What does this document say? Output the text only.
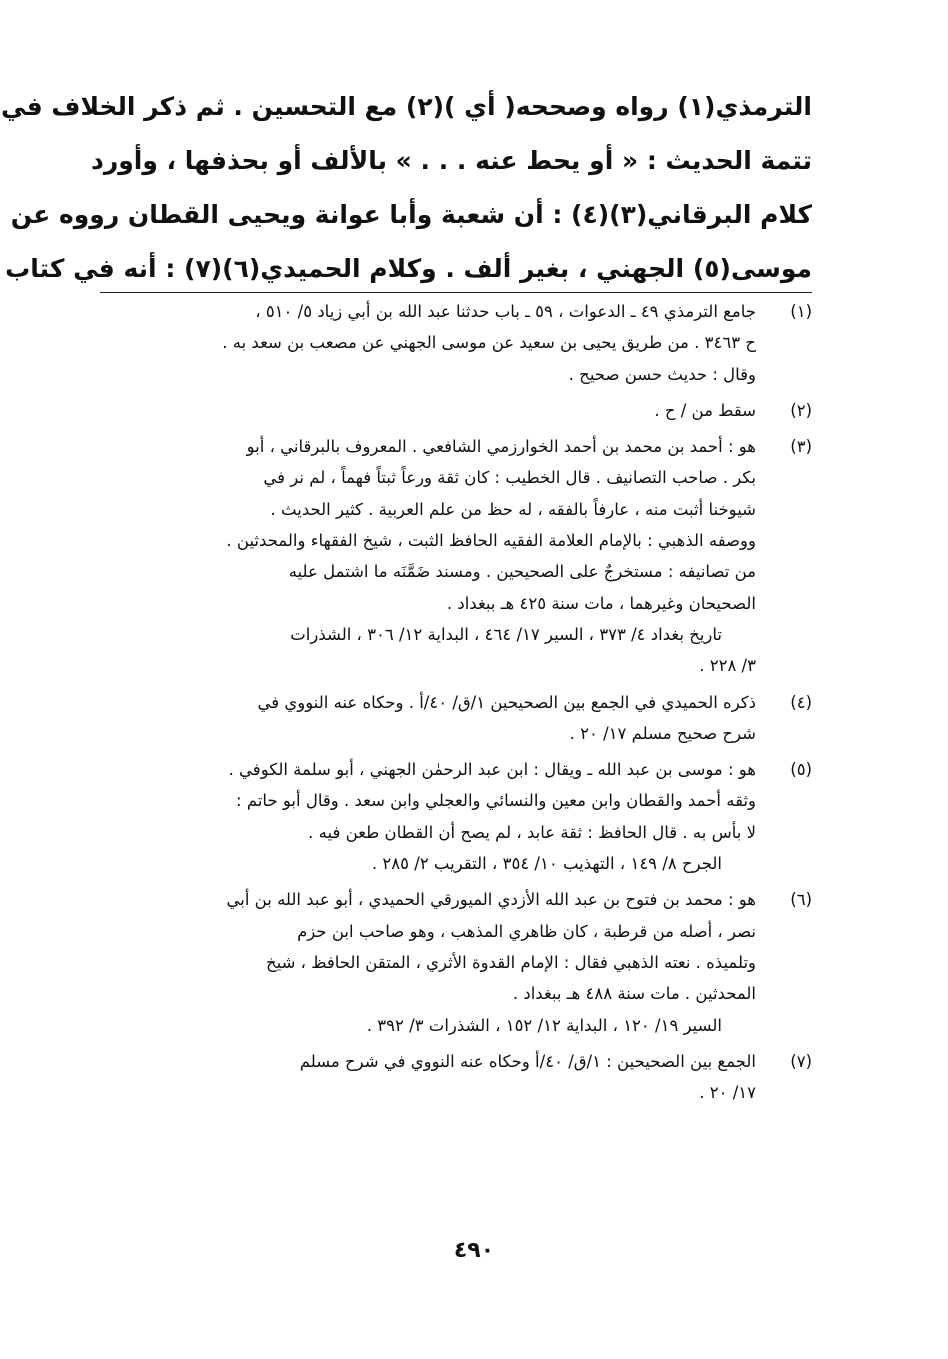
الترمذي(١) رواه وصححه( أي )(٢) مع التحسين . ثم ذكر الخلاف في
تتمة الحديث : « أو يحط عنه . . . » بالألف أو بحذفها ، وأورد
كلام البرقاني(٣)(٤) : أن شعبة وأبا عوانة ويحيى القطان رووه عن
موسى(٥) الجهني ، بغير ألف . وكلام الحميدي(٦)(٧) : أنه في كتاب
(١)
جامع الترمذي ٤٩ ـ الدعوات ، ٥٩ ـ باب حدثنا عبد الله بن أبي زياد ٥/ ٥١٠ ،
ح ٣٤٦٣ . من طريق يحيى بن سعيد عن موسى الجهني عن مصعب بن سعد به .
وقال : حديث حسن صحيح .
(٢)
سقط من / ح .
(٣)
هو : أحمد بن محمد بن أحمد الخوارزمي الشافعي . المعروف بالبرقاني ، أبو
بكر . صاحب التصانيف . قال الخطيب : كان ثقة ورعاً ثبتاً فهماً ، لم نر في
شيوخنا أثبت منه ، عارفاً بالفقه ، له حظ من علم العربية . كثير الحديث .
ووصفه الذهبي : بالإمام العلامة الفقيه الحافظ الثبت ، شيخ الفقهاء والمحدثين .
من تصانيفه : مستخرجٌ على الصحيحين . ومسند ضَمَّنَه ما اشتمل عليه
الصحيحان وغيرهما ، مات سنة ٤٢٥ هـ ببغداد .
تاريخ بغداد ٤/ ٣٧٣ ، السير ١٧/ ٤٦٤ ، البداية ١٢/ ٣٠٦ ، الشذرات
٣/ ٢٢٨ .
(٤)
ذكره الحميدي في الجمع بين الصحيحين ١/ق/ ٤٠/أ . وحكاه عنه النووي في
شرح صحيح مسلم ١٧/ ٢٠ .
(٥)
هو : موسى بن عبد الله ـ ويقال : ابن عبد الرحمٰن الجهني ، أبو سلمة الكوفي .
وثقه أحمد والقطان وابن معين والنسائي والعجلي وابن سعد . وقال أبو حاتم :
لا بأس به . قال الحافظ : ثقة عابد ، لم يصح أن القطان طعن فيه .
الجرح ٨/ ١٤٩ ، التهذيب ١٠/ ٣٥٤ ، التقريب ٢/ ٢٨٥ .
(٦)
هو : محمد بن فتوح بن عبد الله الأزدي الميورقي الحميدي ، أبو عبد الله بن أبي
نصر ، أصله من قرطبة ، كان ظاهري المذهب ، وهو صاحب ابن حزم
وتلميذه . نعته الذهبي فقال : الإمام القدوة الأثري ، المتقن الحافظ ، شيخ
المحدثين . مات سنة ٤٨٨ هـ ببغداد .
السير ١٩/ ١٢٠ ، البداية ١٢/ ١٥٢ ، الشذرات ٣/ ٣٩٢ .
(٧)
الجمع بين الصحيحين : ١/ق/ ٤٠/أ وحكاه عنه النووي في شرح مسلم
١٧/ ٢٠ .
٤٩٠
